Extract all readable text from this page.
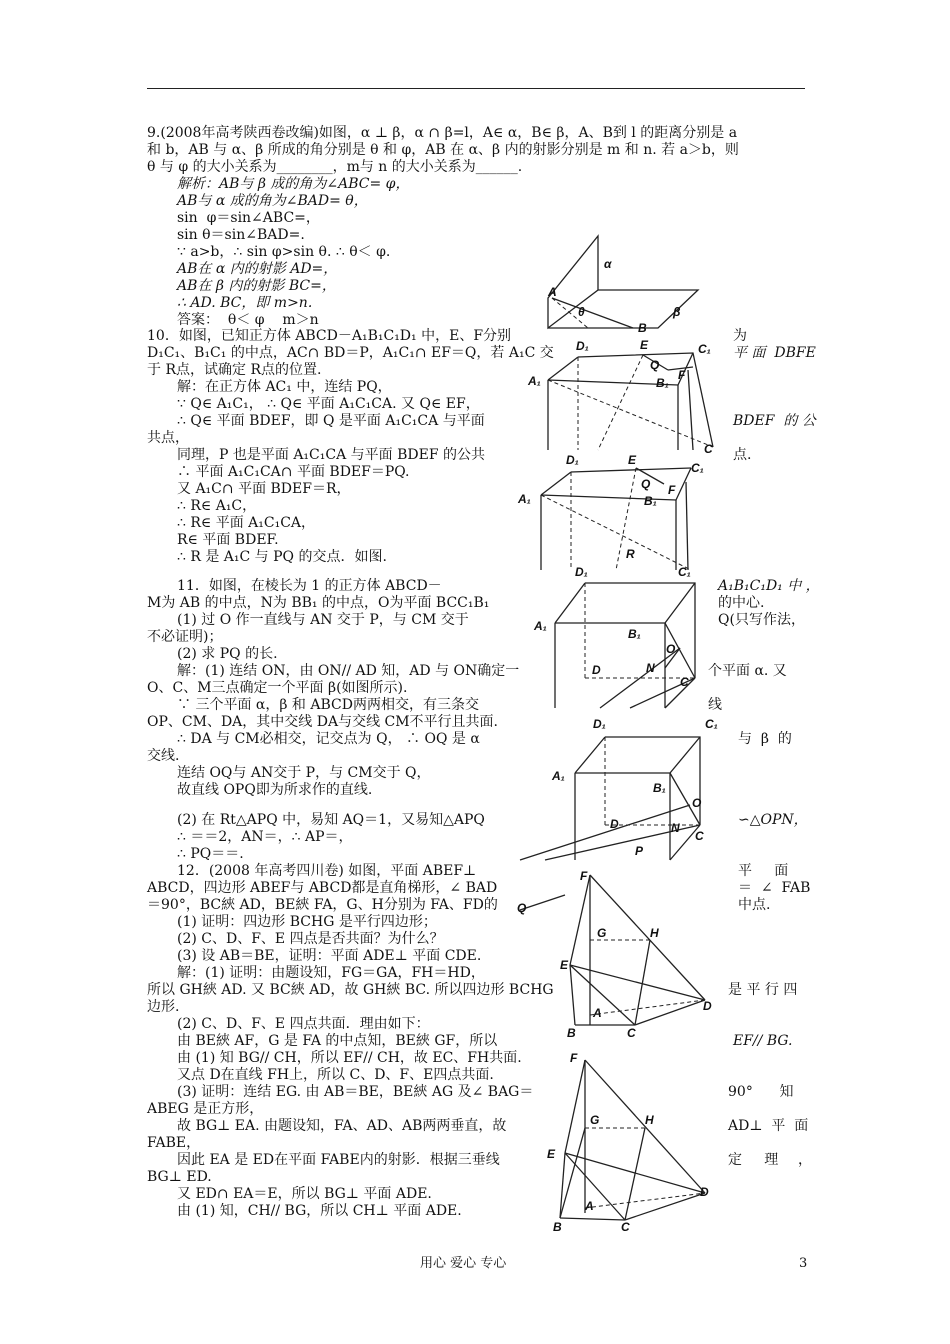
9.(2008年高考陕西卷改编)如图，α ⊥ β，α ∩ β=l，A∈ α，B∈ β，A、B到 l 的距离分别是 a
和 b，AB 与 α、β 所成的角分别是 θ 和 φ，AB 在 α、β 内的射影分别是 m 和 n. 若 a＞b，则
θ 与 φ 的大小关系为________，m与 n 的大小关系为______.
解析：AB与 β 成的角为∠ABC= φ，
AB与 α 成的角为∠BAD= θ，
sin  φ＝sin∠ABC=，
sin θ＝sin∠BAD=.
∵ a>b，∴ sin φ>sin θ. ∴ θ＜ φ.
AB在 α 内的射影 AD=，
AB在 β 内的射影 BC=，
∴ AD. BC，即 m>n.
答案：  θ＜ φ    m＞n
α
β
A
θ
B
10．如图，已知正方体 ABCD－A₁B₁C₁D₁ 中，E、F分别
D₁C₁、B₁C₁ 的中点，AC∩ BD＝P，A₁C₁∩ EF＝Q，若 A₁C 交
于 R点，试确定 R点的位置.
解：在正方体 AC₁ 中，连结 PQ，
∵ Q∈ A₁C₁， ∴ Q∈ 平面 A₁C₁CA. 又 Q∈ EF，
∴ Q∈ 平面 BDEF，即 Q 是平面 A₁C₁CA 与平面
共点，
同理，P 也是平面 A₁C₁CA 与平面 BDEF 的公共
∴ 平面 A₁C₁CA∩ 平面 BDEF＝PQ.
又 A₁C∩ 平面 BDEF＝R，
∴ R∈ A₁C，
∴ R∈ 平面 A₁C₁CA，
R∈ 平面 BDEF.
∴ R 是 A₁C 与 PQ 的交点．如图.
为
平 面  DBFE
BDEF  的 公
点.
D₁	E	C₁
A₁
Q
B₁
F
C
D₁	E
C₁
A₁
Q
B₁
F
R
11．如图，在棱长为 1 的正方体 ABCD－
M为 AB 的中点，N为 BB₁ 的中点，O为平面 BCC₁B₁
(1) 过 O 作一直线与 AN 交于 P，与 CM 交于
不必证明)；
(2) 求 PQ 的长.
解：(1) 连结 ON，由 ON// AD 知，AD 与 ON确定一
O、C、M三点确定一个平面 β(如图所示).
∵ 三个平面 α，β 和 ABCD两两相交，有三条交
OP、CM、DA，其中交线 DA与交线 CM不平行且共面.
∴ DA 与 CM必相交，记交点为 Q， ∴ OQ 是 α
交线.
连结 OQ与 AN交于 P，与 CM交于 Q，
故直线 OPQ即为所求作的直线.
(2) 在 Rt△APQ 中，易知 AQ＝1，又易知△APQ
∴ ＝＝2，AN＝，∴ AP＝，
∴ PQ＝＝.
A₁B₁C₁D₁ 中 ，
的中心.
Q(只写作法，
个平面 α. 又
线
与  β  的
∽△OPN，
D₁	C₁
A₁
B₁
O
D	N
C
D₁	C₁
A₁
B₁
O
D	N
C
P
12．(2008 年高考四川卷) 如图，平面 ABEF⊥
ABCD，四边形 ABEF与 ABCD都是直角梯形，∠ BAD
＝90°，BC綊 AD，BE綊 FA，G、H分别为 FA、FD的
(1) 证明：四边形 BCHG 是平行四边形；
(2) C、D、F、E 四点是否共面？为什么？
(3) 设 AB＝BE，证明：平面 ADE⊥ 平面 CDE.
解：(1) 证明：由题设知，FG＝GA，FH＝HD，
所以 GH綊 AD. 又 BC綊 AD，故 GH綊 BC. 所以四边形 BCHG
边形.
(2) C、D、F、E 四点共面．理由如下：
由 BE綊 AF，G 是 FA 的中点知，BE綊 GF，所以
由 (1) 知 BG// CH，所以 EF// CH，故 EC、FH共面.
又点 D在直线 FH上，所以 C、D、F、E四点共面.
(3) 证明：连结 EG. 由 AB＝BE，BE綊 AG 及∠ BAG＝
ABEG 是正方形，
故 BG⊥ EA. 由题设知，FA、AD、AB两两垂直，故
FABE，
因此 EA 是 ED在平面 FABE内的射影．根据三垂线
BG⊥ ED.
又 ED∩ EA＝E，所以 BG⊥ 平面 ADE.
由 (1) 知，CH// BG，所以 CH⊥ 平面 ADE.
平     面
＝  ∠  FAB
中点.
是 平 行 四
EF// BG.
90°      知
AD⊥  平  面
定     理 ，
F
G	H
E
D
B
A
C
Q
F
G	H
E
D
B
A
C
用心 爱心 专心	3
